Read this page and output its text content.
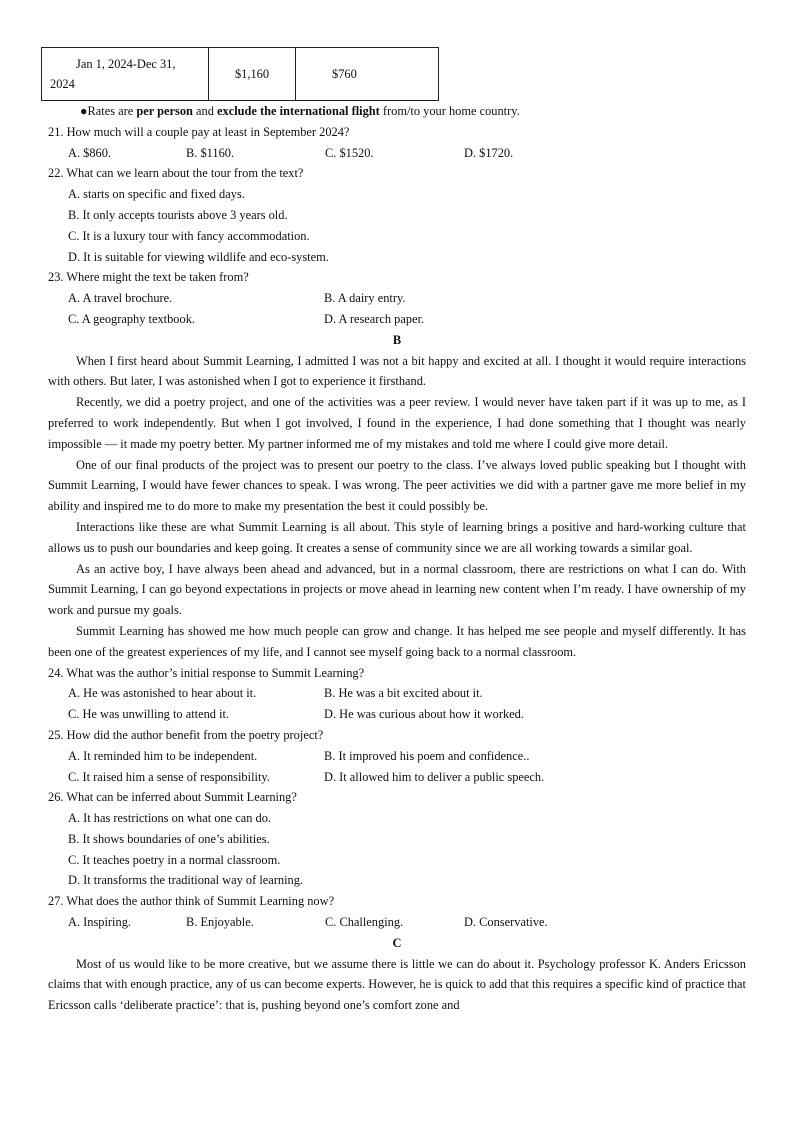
Jan 1, 2024-Dec 31,
2024
	$1,160	$760
●Rates are per person and exclude the international flight from/to your home country.
21. How much will a couple pay at least in September 2024?
A. $860.	B. $1160.	C. $1520.	D. $1720.
22. What can we learn about the tour from the text?
A. starts on specific and fixed days.
B. It only accepts tourists above 3 years old.
C. It is a luxury tour with fancy accommodation.
D. It is suitable for viewing wildlife and eco-system.
23. Where might the text be taken from?
A. A travel brochure.	B. A dairy entry.
C. A geography textbook.	D. A research paper.
B

When I first heard about Summit Learning, I admitted I was not a bit happy and excited at all. I thought it would require interactions with others. But later, I was astonished when I got to experience it firsthand.

Recently, we did a poetry project, and one of the activities was a peer review. I would never have taken part if it was up to me, as I preferred to work independently. But when I got involved, I found in the experience, I had done something that I thought was nearly impossible — it made my poetry better. My partner informed me of my mistakes and told me where I could give more detail.

One of our final products of the project was to present our poetry to the class. I’ve always loved public speaking but I thought with Summit Learning, I would have fewer chances to speak. I was wrong. The peer activities we did with a partner gave me more belief in my ability and inspired me to do more to make my presentation the best it could possibly be.

Interactions like these are what Summit Learning is all about. This style of learning brings a positive and hard-working culture that allows us to push our boundaries and keep going. It creates a sense of community since we are all working towards a similar goal.

As an active boy, I have always been ahead and advanced, but in a normal classroom, there are restrictions on what I can do. With Summit Learning, I can go beyond expectations in projects or move ahead in learning new content when I’m ready. I have ownership of my work and pursue my goals.

Summit Learning has showed me how much people can grow and change. It has helped me see people and myself differently. It has been one of the greatest experiences of my life, and I cannot see myself going back to a normal classroom.

24. What was the author’s initial response to Summit Learning?
A. He was astonished to hear about it.	B. He was a bit excited about it.
C. He was unwilling to attend it.	D. He was curious about how it worked.
25. How did the author benefit from the poetry project?
A. It reminded him to be independent.	B. It improved his poem and confidence..
C. It raised him a sense of responsibility.	D. It allowed him to deliver a public speech.
26. What can be inferred about Summit Learning?
A. It has restrictions on what one can do.
B. It shows boundaries of one’s abilities.
C. It teaches poetry in a normal classroom.
D. It transforms the traditional way of learning.
27. What does the author think of Summit Learning now?
A. Inspiring.	B. Enjoyable.	C. Challenging.	D. Conservative.
C

Most of us would like to be more creative, but we assume there is little we can do about it. Psychology professor K. Anders Ericsson claims that with enough practice, any of us can become experts. However, he is quick to add that this requires a specific kind of practice that Ericsson calls ‘deliberate practice’: that is, pushing beyond one’s comfort zone and
